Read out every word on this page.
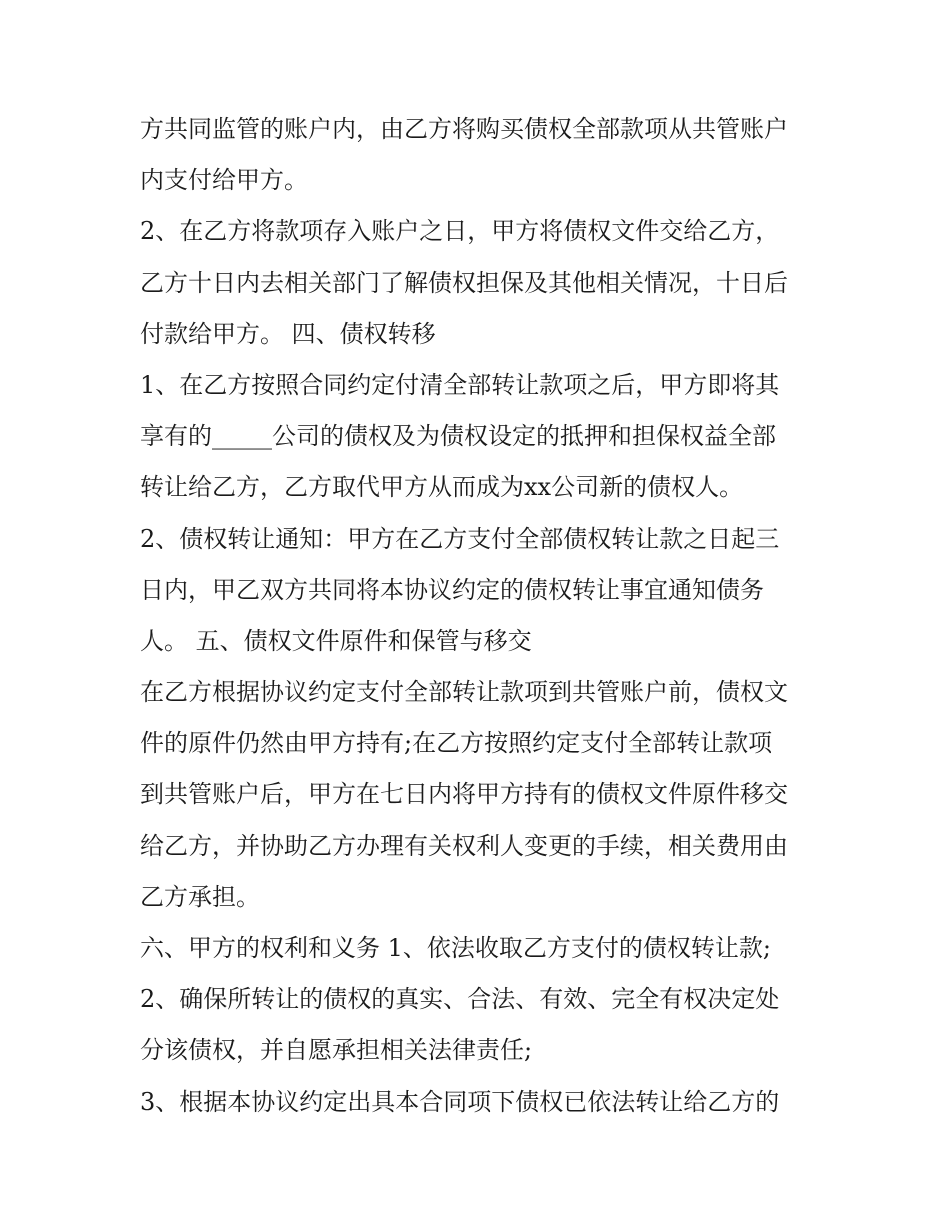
方共同监管的账户内，由乙方将购买债权全部款项从共管账户
内支付给甲方。
2、在乙方将款项存入账户之日，甲方将债权文件交给乙方，
乙方十日内去相关部门了解债权担保及其他相关情况，十日后
付款给甲方。 四、债权转移
1、在乙方按照合同约定付清全部转让款项之后，甲方即将其
享有的_____公司的债权及为债权设定的抵押和担保权益全部
转让给乙方，乙方取代甲方从而成为xx公司新的债权人。
2、债权转让通知：甲方在乙方支付全部债权转让款之日起三
日内，甲乙双方共同将本协议约定的债权转让事宜通知债务
人。 五、债权文件原件和保管与移交
在乙方根据协议约定支付全部转让款项到共管账户前，债权文
件的原件仍然由甲方持有;在乙方按照约定支付全部转让款项
到共管账户后，甲方在七日内将甲方持有的债权文件原件移交
给乙方，并协助乙方办理有关权利人变更的手续，相关费用由
乙方承担。
六、甲方的权利和义务 1、依法收取乙方支付的债权转让款;
2、确保所转让的债权的真实、合法、有效、完全有权决定处
分该债权，并自愿承担相关法律责任;
3、根据本协议约定出具本合同项下债权已依法转让给乙方的
